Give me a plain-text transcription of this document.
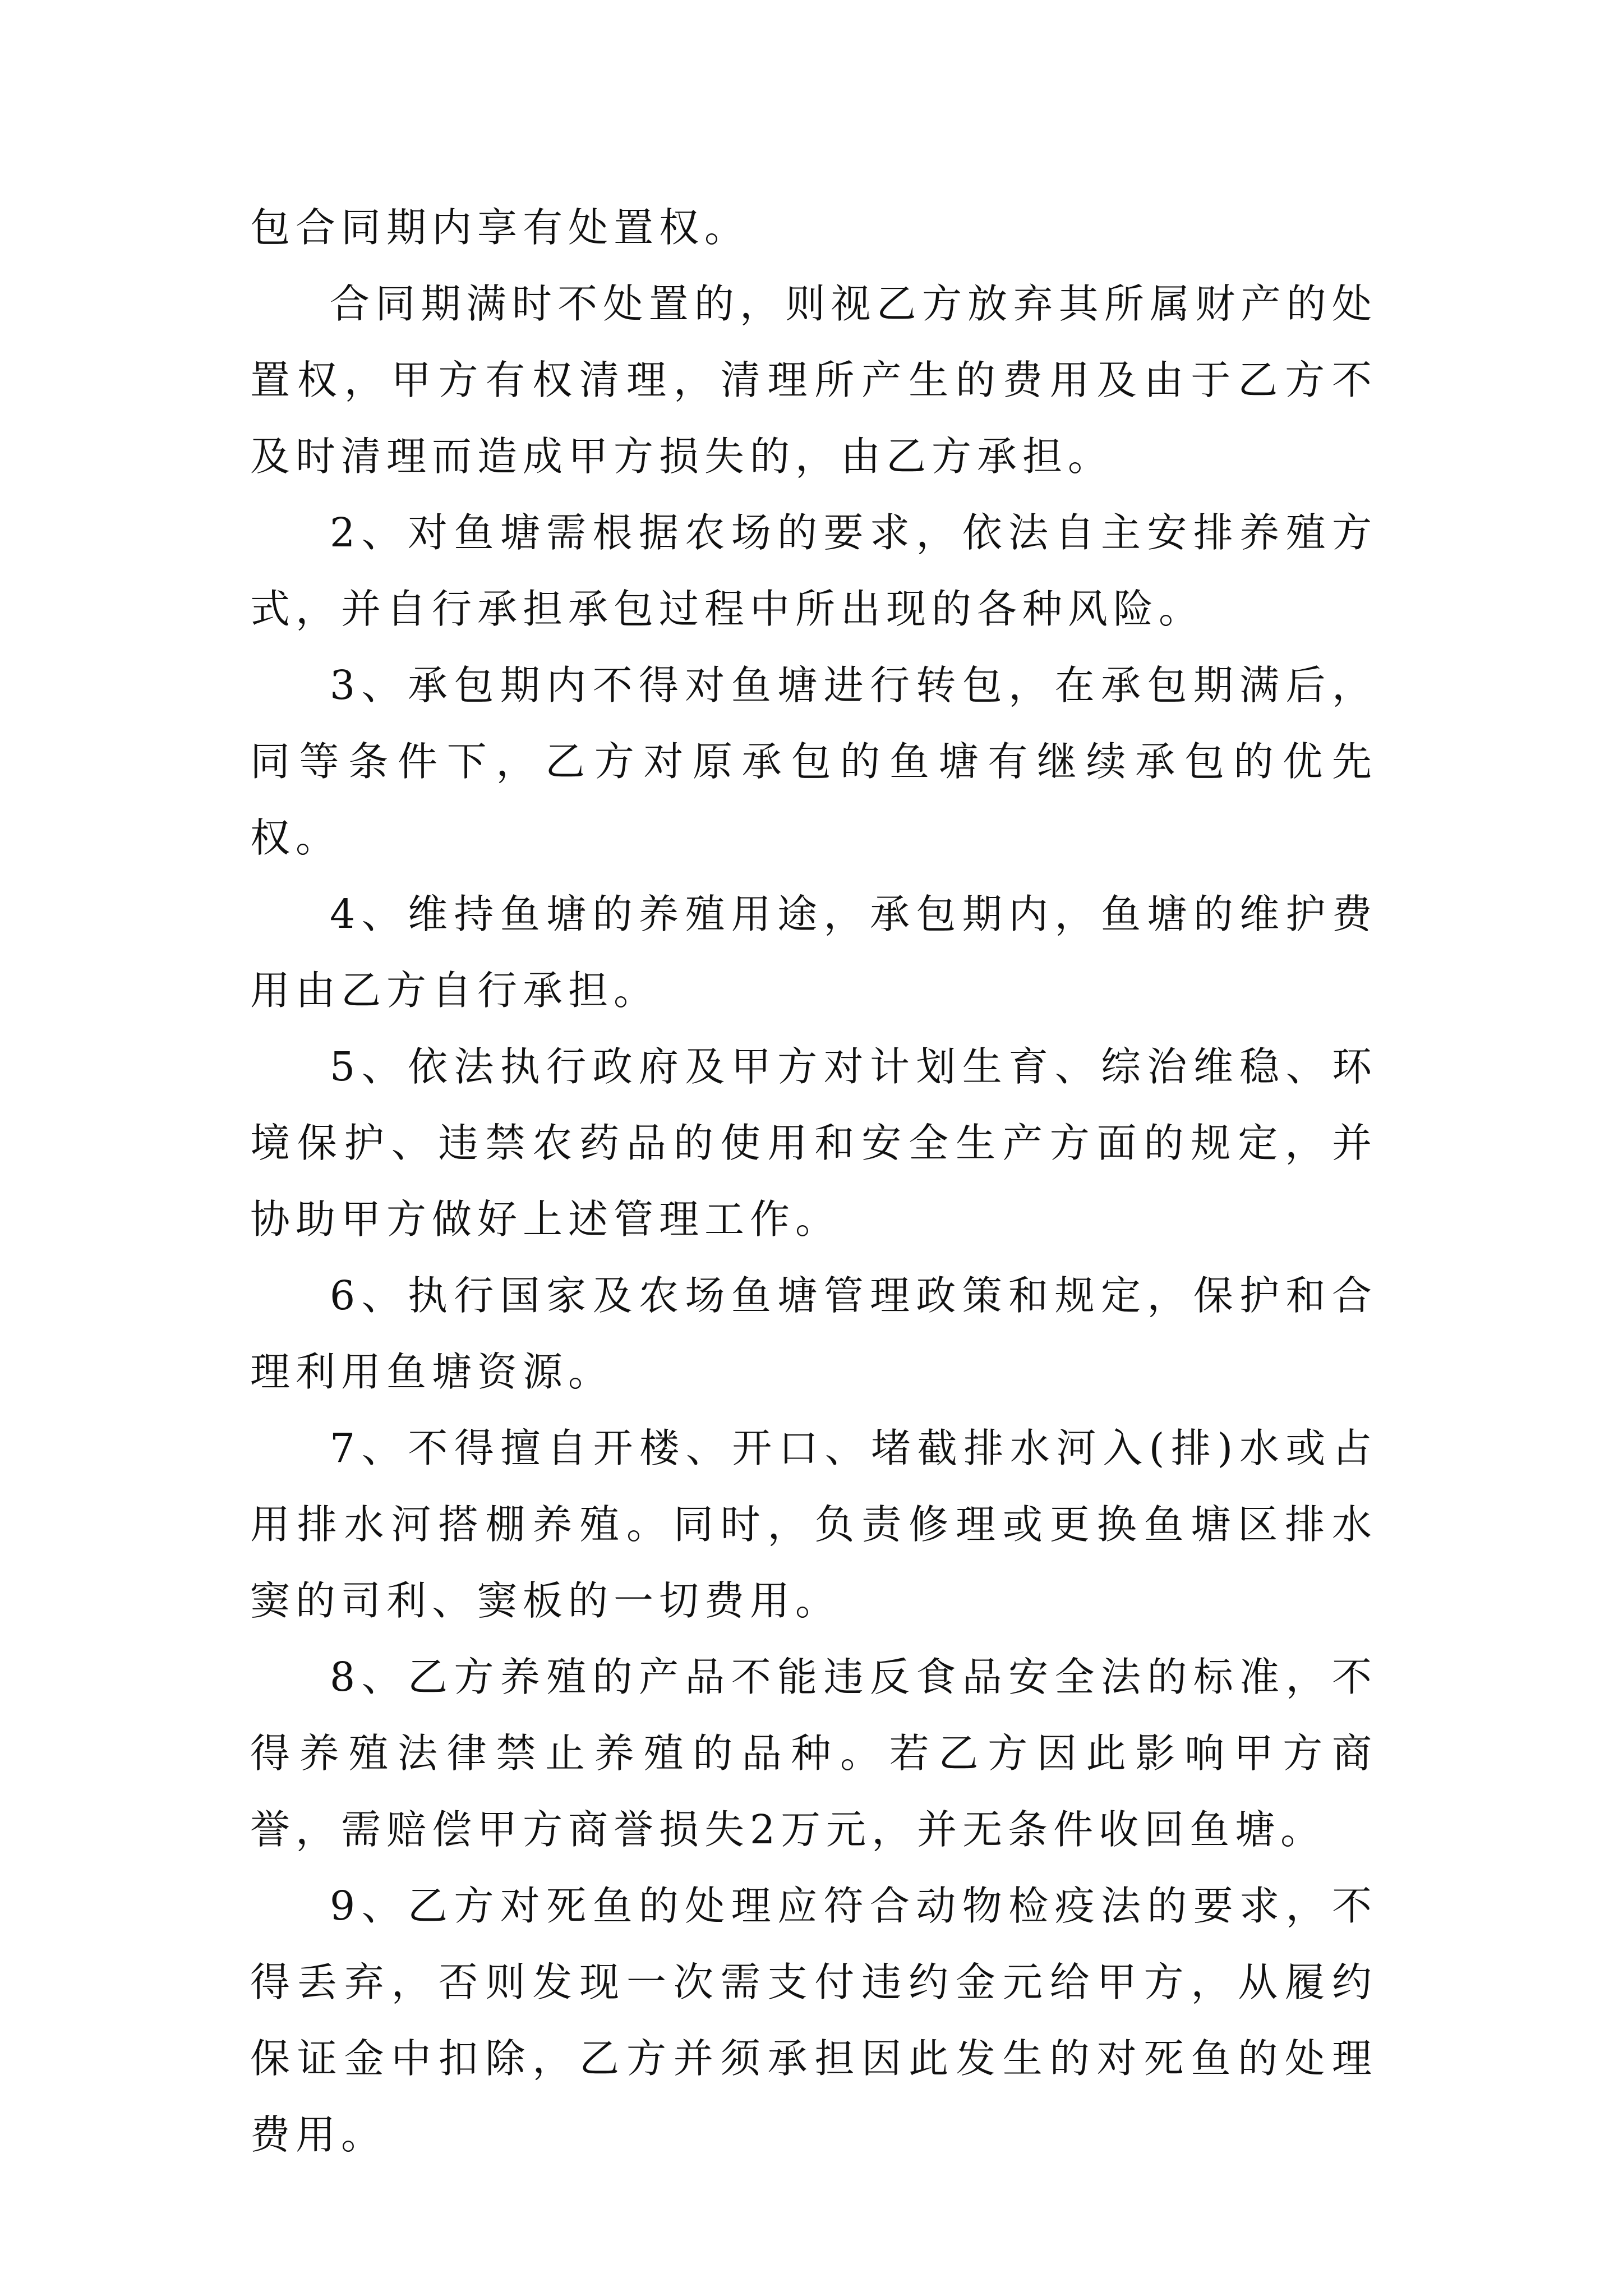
包合同期内享有处置权。

合同期满时不处置的，则视乙方放弃其所属财产的处置权，甲方有权清理，清理所产生的费用及由于乙方不及时清理而造成甲方损失的，由乙方承担。

2、对鱼塘需根据农场的要求，依法自主安排养殖方式，并自行承担承包过程中所出现的各种风险。

3、承包期内不得对鱼塘进行转包，在承包期满后，同等条件下，乙方对原承包的鱼塘有继续承包的优先权。

4、维持鱼塘的养殖用途，承包期内，鱼塘的维护费用由乙方自行承担。

5、依法执行政府及甲方对计划生育、综治维稳、环境保护、违禁农药品的使用和安全生产方面的规定，并协助甲方做好上述管理工作。

6、执行国家及农场鱼塘管理政策和规定，保护和合理利用鱼塘资源。

7、不得擅自开楼、开口、堵截排水河入(排)水或占用排水河搭棚养殖。同时，负责修理或更换鱼塘区排水窦的司利、窦板的一切费用。

8、乙方养殖的产品不能违反食品安全法的标准，不得养殖法律禁止养殖的品种。若乙方因此影响甲方商誉，需赔偿甲方商誉损失2万元，并无条件收回鱼塘。

9、乙方对死鱼的处理应符合动物检疫法的要求，不得丢弃，否则发现一次需支付违约金元给甲方，从履约保证金中扣除，乙方并须承担因此发生的对死鱼的处理费用。
